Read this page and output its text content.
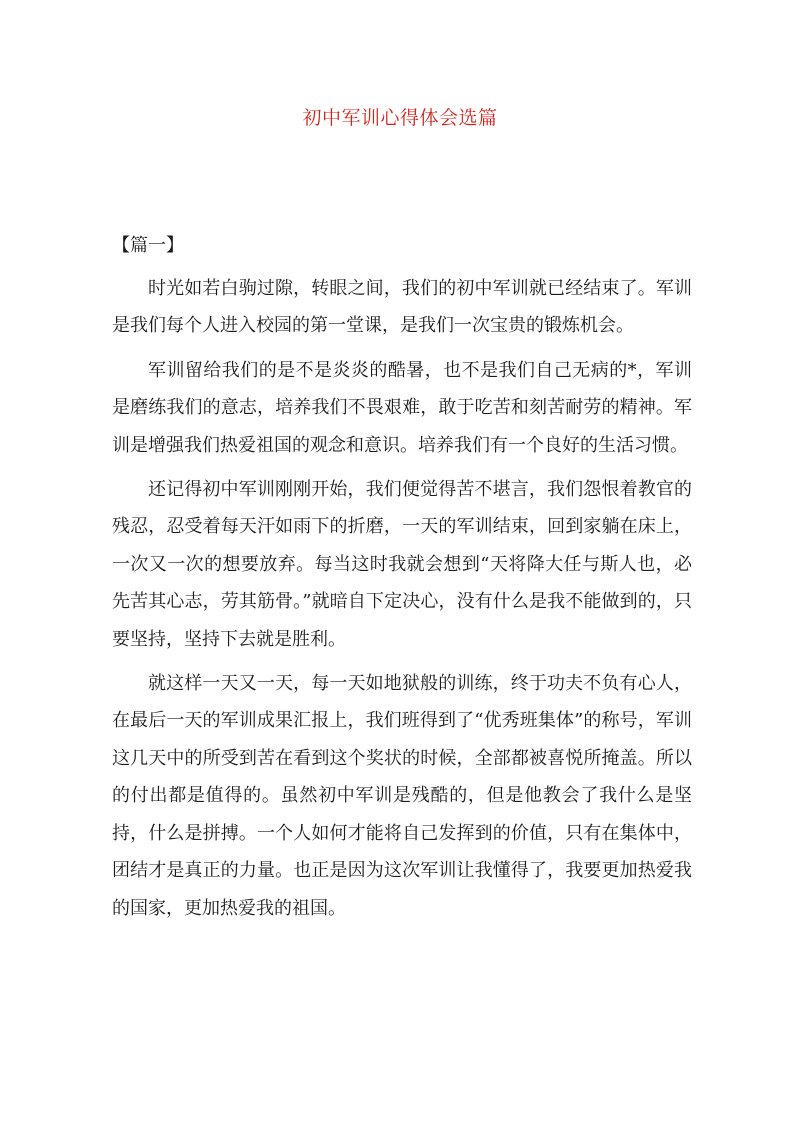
初中军训心得体会选篇
【篇一】

时光如若白驹过隙，转眼之间，我们的初中军训就已经结束了。军训是我们每个人进入校园的第一堂课，是我们一次宝贵的锻炼机会。

军训留给我们的是不是炎炎的酷暑，也不是我们自己无病的*，军训是磨练我们的意志，培养我们不畏艰难，敢于吃苦和刻苦耐劳的精神。军训是增强我们热爱祖国的观念和意识。培养我们有一个良好的生活习惯。

还记得初中军训刚刚开始，我们便觉得苦不堪言，我们怨恨着教官的残忍，忍受着每天汗如雨下的折磨，一天的军训结束，回到家躺在床上，一次又一次的想要放弃。每当这时我就会想到“天将降大任与斯人也，必先苦其心志，劳其筋骨。”就暗自下定决心，没有什么是我不能做到的，只要坚持，坚持下去就是胜利。

就这样一天又一天，每一天如地狱般的训练，终于功夫不负有心人，在最后一天的军训成果汇报上，我们班得到了“优秀班集体”的称号，军训这几天中的所受到苦在看到这个奖状的时候，全部都被喜悦所掩盖。所以的付出都是值得的。虽然初中军训是残酷的，但是他教会了我什么是坚持，什么是拼搏。一个人如何才能将自己发挥到的价值，只有在集体中，团结才是真正的力量。也正是因为这次军训让我懂得了，我要更加热爱我的国家，更加热爱我的祖国。
